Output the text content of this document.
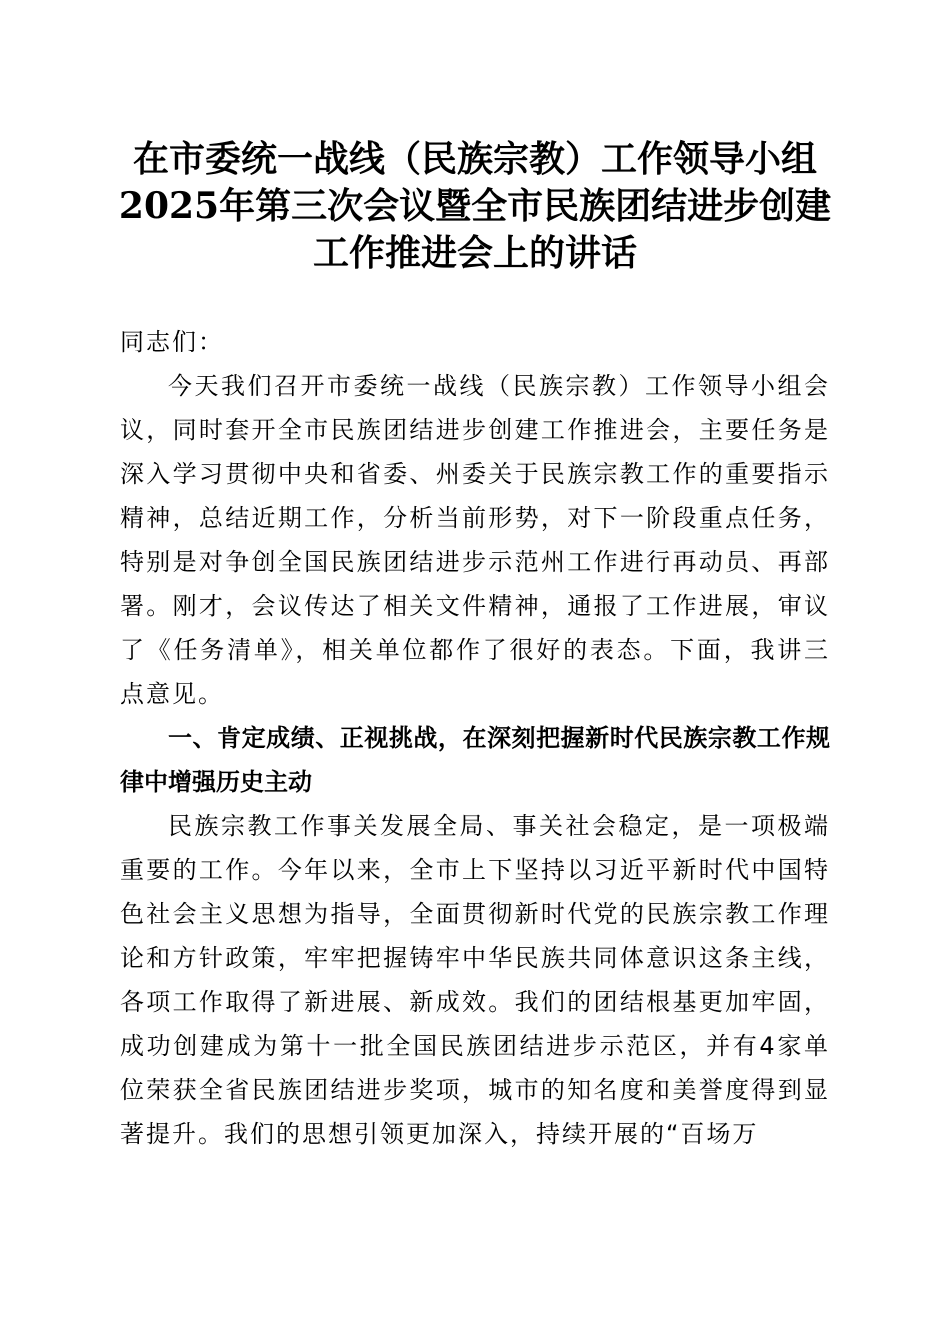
在市委统一战线（民族宗教）工作领导小组
2025年第三次会议暨全市民族团结进步创建
工作推进会上的讲话

同志们：

今天我们召开市委统一战线（民族宗教）工作领导小组会议，同时套开全市民族团结进步创建工作推进会，主要任务是深入学习贯彻中央和省委、州委关于民族宗教工作的重要指示精神，总结近期工作，分析当前形势，对下一阶段重点任务，特别是对争创全国民族团结进步示范州工作进行再动员、再部署。刚才，会议传达了相关文件精神，通报了工作进展，审议了《任务清单》，相关单位都作了很好的表态。下面，我讲三点意见。

一、肯定成绩、正视挑战，在深刻把握新时代民族宗教工作规律中增强历史主动

民族宗教工作事关发展全局、事关社会稳定，是一项极端重要的工作。今年以来，全市上下坚持以习近平新时代中国特色社会主义思想为指导，全面贯彻新时代党的民族宗教工作理论和方针政策，牢牢把握铸牢中华民族共同体意识这条主线，各项工作取得了新进展、新成效。我们的团结根基更加牢固，成功创建成为第十一批全国民族团结进步示范区，并有4家单位荣获全省民族团结进步奖项，城市的知名度和美誉度得到显著提升。我们的思想引领更加深入，持续开展的“百场万
